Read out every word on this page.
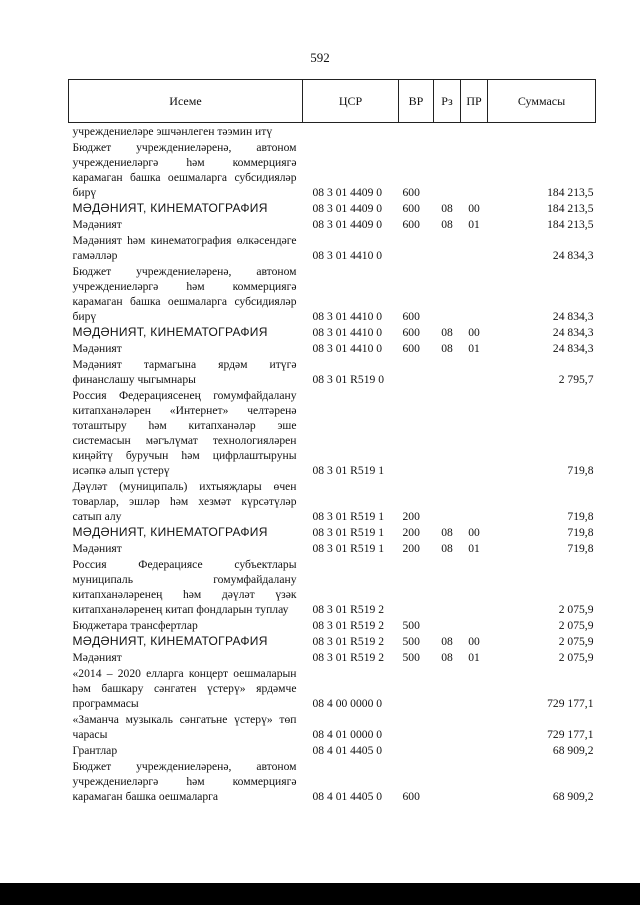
592
Исеме	ЦСР	ВР	Рз	ПР	Суммасы
учреждениеләре эшчәнлеген тәэмин итү					
Бюджет учреждениеләренә, автоном учреждениеләргә һәм коммерциягә карамаган башка оешмаларга субсидияләр бирү	08 3 01 4409 0	600			184 213,5
МӘДӘНИЯТ, КИНЕМАТОГРАФИЯ	08 3 01 4409 0	600	08	00	184 213,5
Мәдәният	08 3 01 4409 0	600	08	01	184 213,5
Мәдәният һәм кинематография өлкәсендәге гамәлләр	08 3 01 4410 0				24 834,3
Бюджет учреждениеләренә, автоном учреждениеләргә һәм коммерциягә карамаган башка оешмаларга субсидияләр бирү	08 3 01 4410 0	600			24 834,3
МӘДӘНИЯТ, КИНЕМАТОГРАФИЯ	08 3 01 4410 0	600	08	00	24 834,3
Мәдәният	08 3 01 4410 0	600	08	01	24 834,3
Мәдәният тармагына ярдәм итүгә финанслашу чыгымнары	08 3 01 R519 0				2 795,7
Россия Федерациясенең гомумфайдалану китапханәләрен «Интернет» челтәренә тоташтыру һәм китапханәләр эше системасын мәгълүмат технологияләрен киңәйтү буручын һәм цифрлаштыруны исәпкә алып үстерү	08 3 01 R519 1				719,8
Дәүләт (муниципаль) ихтыяҗлары өчен товарлар, эшләр һәм хезмәт күрсәтүләр сатып алу	08 3 01 R519 1	200			719,8
МӘДӘНИЯТ, КИНЕМАТОГРАФИЯ	08 3 01 R519 1	200	08	00	719,8
Мәдәният	08 3 01 R519 1	200	08	01	719,8
Россия Федерациясе субъектлары муниципаль гомумфайдалану китапханәләренең һәм дәүләт үзәк китапханәләренең китап фондларын туплау	08 3 01 R519 2				2 075,9
Бюджетара трансфертлар	08 3 01 R519 2	500			2 075,9
МӘДӘНИЯТ, КИНЕМАТОГРАФИЯ	08 3 01 R519 2	500	08	00	2 075,9
Мәдәният	08 3 01 R519 2	500	08	01	2 075,9
«2014 – 2020 елларга концерт оешмаларын һәм башкару сәнгатен үстерү» ярдәмче программасы	08 4 00 0000 0				729 177,1
«Заманча музыкаль сәнгатьне үстерү» төп чарасы	08 4 01 0000 0				729 177,1
Грантлар	08 4 01 4405 0				68 909,2
Бюджет учреждениеләренә, автоном учреждениеләргә һәм коммерциягә карамаган башка оешмаларга	08 4 01 4405 0	600			68 909,2
